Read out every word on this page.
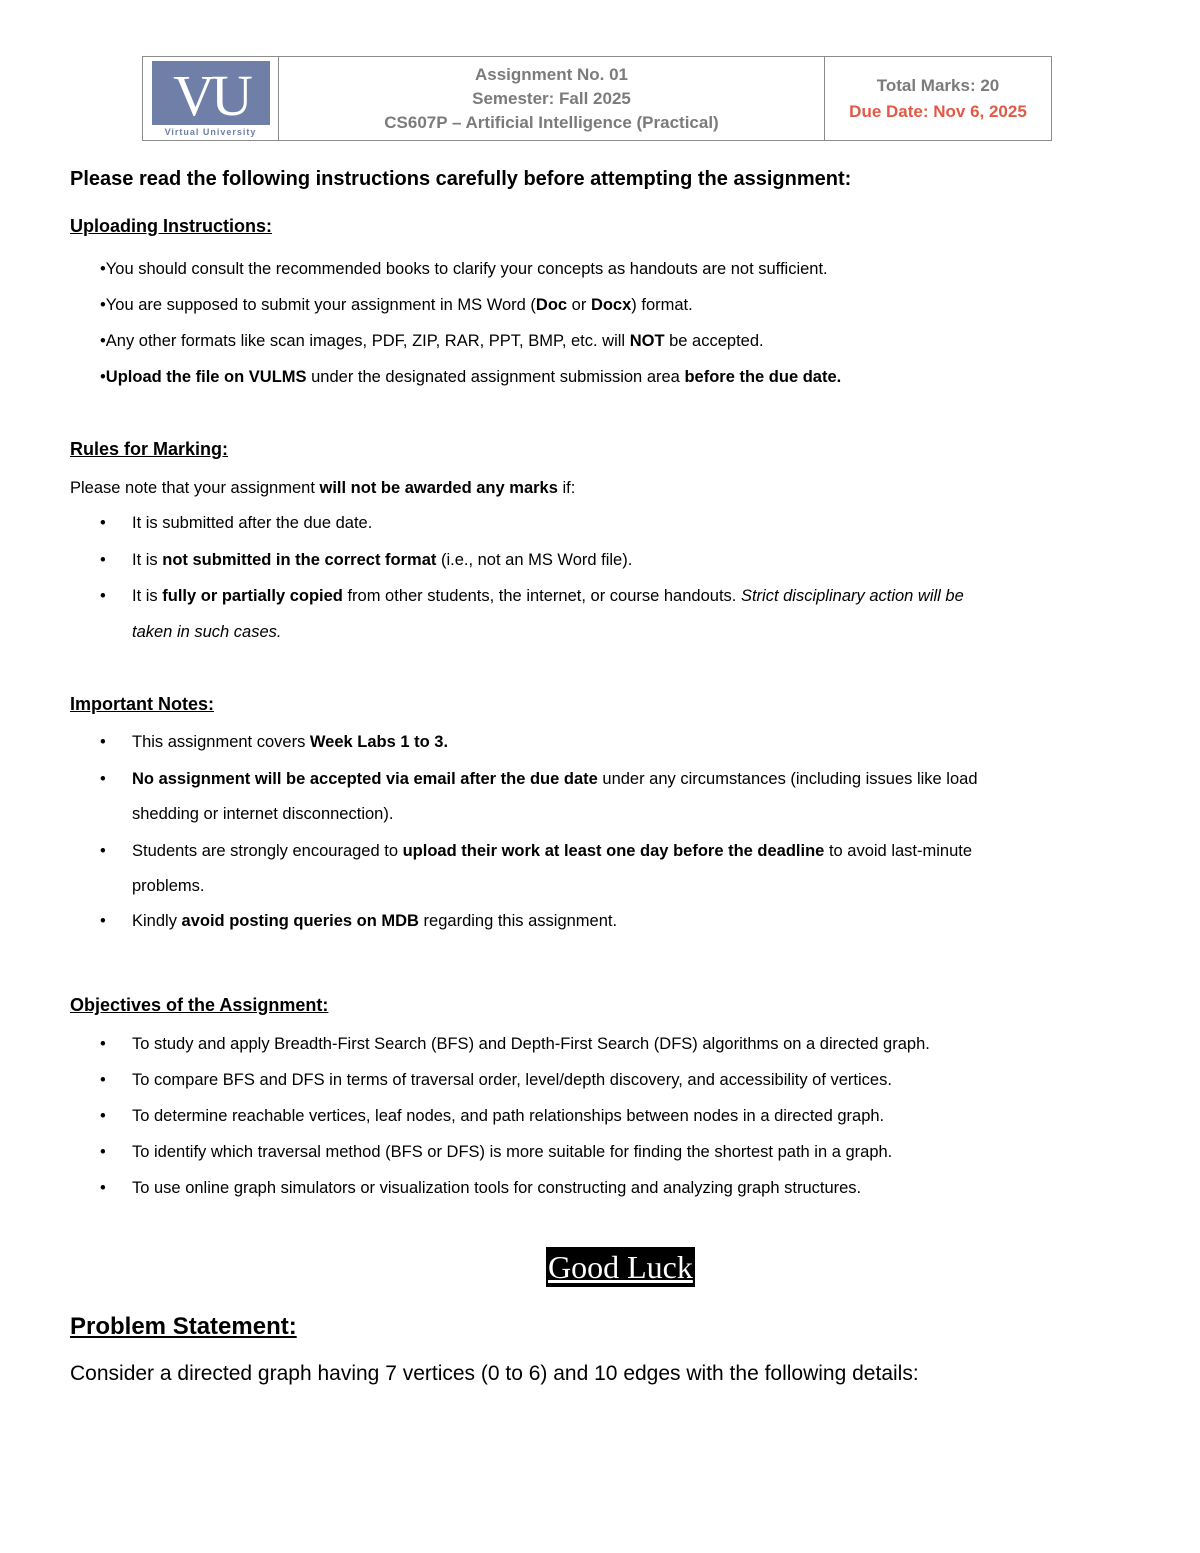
VU
Virtual University
Assignment No. 01
Semester: Fall 2025
CS607P – Artificial Intelligence (Practical)
Total Marks: 20
Due Date: Nov 6, 2025
Please read the following instructions carefully before attempting the assignment:
Uploading Instructions:
•You should consult the recommended books to clarify your concepts as handouts are not sufficient.
•You are supposed to submit your assignment in MS Word (Doc or Docx) format.
•Any other formats like scan images, PDF, ZIP, RAR, PPT, BMP, etc. will NOT be accepted.
•Upload the file on VULMS under the designated assignment submission area before the due date.
Rules for Marking:
Please note that your assignment will not be awarded any marks if:
• It is submitted after the due date.
• It is not submitted in the correct format (i.e., not an MS Word file).
• It is fully or partially copied from other students, the internet, or course handouts. Strict disciplinary action will be
taken in such cases.
Important Notes:
• This assignment covers Week Labs 1 to 3.
• No assignment will be accepted via email after the due date under any circumstances (including issues like load
shedding or internet disconnection).
• Students are strongly encouraged to upload their work at least one day before the deadline to avoid last-minute
problems.
• Kindly avoid posting queries on MDB regarding this assignment.
Objectives of the Assignment:
• To study and apply Breadth-First Search (BFS) and Depth-First Search (DFS) algorithms on a directed graph.
• To compare BFS and DFS in terms of traversal order, level/depth discovery, and accessibility of vertices.
• To determine reachable vertices, leaf nodes, and path relationships between nodes in a directed graph.
• To identify which traversal method (BFS or DFS) is more suitable for finding the shortest path in a graph.
• To use online graph simulators or visualization tools for constructing and analyzing graph structures.
Good Luck
Problem Statement:
Consider a directed graph having 7 vertices (0 to 6) and 10 edges with the following details:
